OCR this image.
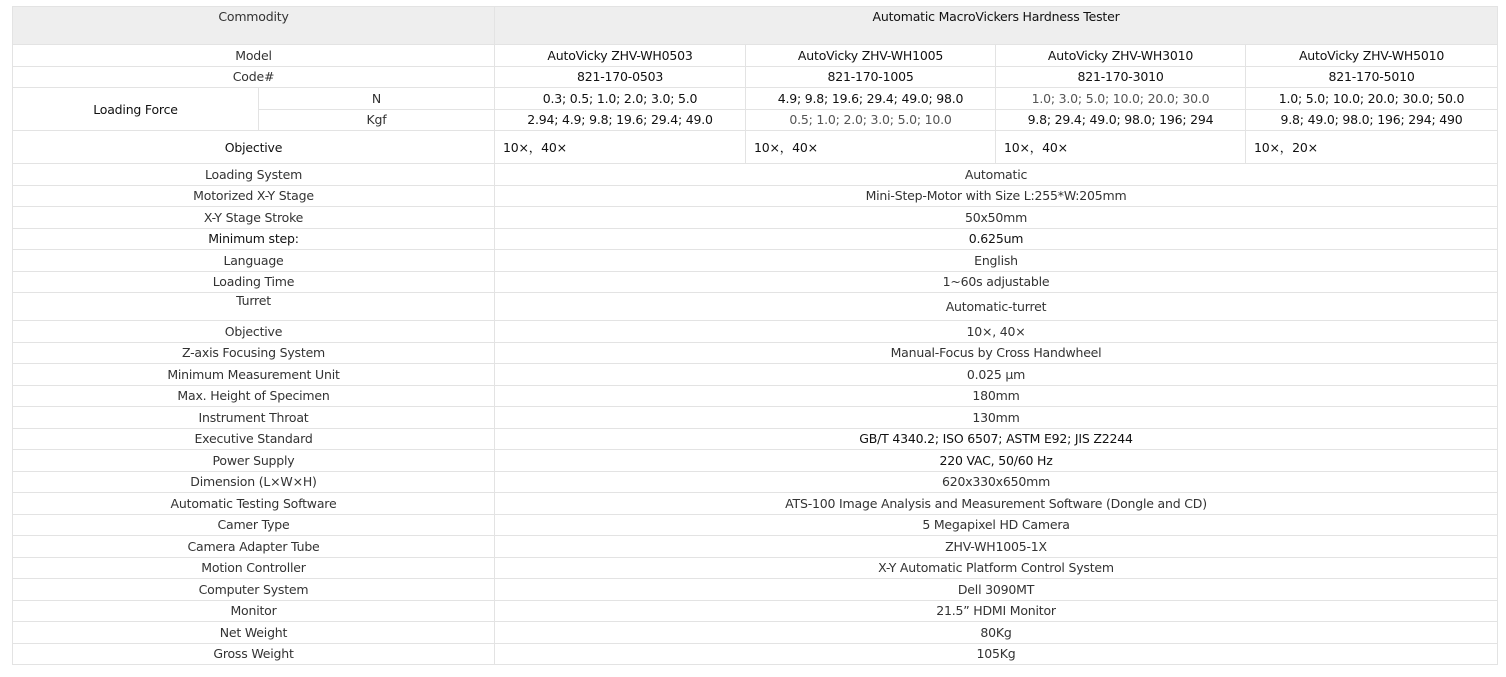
Commodity		Automatic MacroVickers Hardness Tester			
Model		AutoVicky ZHV-WH0503	AutoVicky ZHV-WH1005	AutoVicky ZHV-WH3010	AutoVicky ZHV-WH5010
Code#		821-170-0503	821-170-1005	821-170-3010	821-170-5010
Loading Force	N	0.3; 0.5; 1.0; 2.0; 3.0; 5.0	4.9; 9.8; 19.6; 29.4; 49.0; 98.0	1.0; 3.0; 5.0; 10.0; 20.0; 30.0	1.0; 5.0; 10.0; 20.0; 30.0; 50.0
	Kgf	2.94; 4.9; 9.8; 19.6; 29.4; 49.0	0.5; 1.0; 2.0; 3.0; 5.0; 10.0	9.8; 29.4; 49.0; 98.0; 196; 294	9.8; 49.0; 98.0; 196; 294; 490
Objective		10×，40×	10×，40×	10×，40×	10×，20×
Loading System		Automatic			
Motorized X-Y Stage		Mini-Step-Motor with Size L:255*W:205mm			
X-Y Stage Stroke		50x50mm			
Minimum step:		0.625um			
Language		English			
Loading Time		1~60s adjustable			
Turret		Automatic-turret			
Objective		10×, 40×			
Z-axis Focusing System		Manual-Focus by Cross Handwheel			
Minimum Measurement Unit		0.025 μm			
Max. Height of Specimen		180mm			
Instrument Throat		130mm			
Executive Standard		GB/T 4340.2; ISO 6507; ASTM E92; JIS Z2244			
Power Supply		220 VAC, 50/60 Hz			
Dimension (L×W×H)		620x330x650mm			
Automatic Testing Software		ATS-100 Image Analysis and Measurement Software (Dongle and CD)			
Camer Type		5 Megapixel HD Camera			
Camera Adapter Tube		ZHV-WH1005-1X			
Motion Controller		X-Y Automatic Platform Control System			
Computer System		Dell 3090MT			
Monitor		21.5” HDMI Monitor			
Net Weight		80Kg			
Gross Weight		105Kg			
